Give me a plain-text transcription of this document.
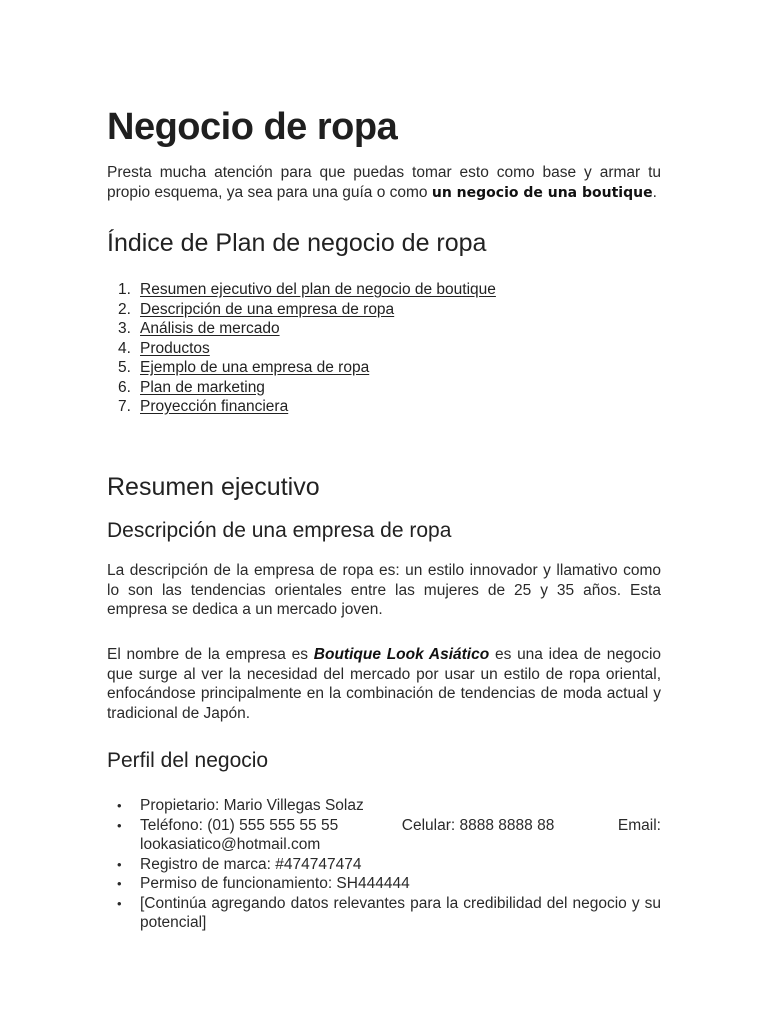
Negocio de ropa

Presta mucha atención para que puedas tomar esto como base y armar tu propio esquema, ya sea para una guía o como un negocio de una boutique.

Índice de Plan de negocio de ropa
1. Resumen ejecutivo del plan de negocio de boutique
2. Descripción de una empresa de ropa
3. Análisis de mercado
4. Productos
5. Ejemplo de una empresa de ropa
6. Plan de marketing
7. Proyección financiera
Resumen ejecutivo
Descripción de una empresa de ropa

La descripción de la empresa de ropa es: un estilo innovador y llamativo como lo son las tendencias orientales entre las mujeres de 25 y 35 años. Esta empresa se dedica a un mercado joven.

El nombre de la empresa es Boutique Look Asiático es una idea de negocio que surge al ver la necesidad del mercado por usar un estilo de ropa oriental, enfocándose principalmente en la combinación de tendencias de moda actual y tradicional de Japón.

Perfil del negocio
• Propietario: Mario Villegas Solaz
• Teléfono: (01) 555 555 55 55	Celular: 8888 8888 88	Email:
lookasiatico@hotmail.com
• Registro de marca: #474747474
• Permiso de funcionamiento: SH444444
• [Continúa agregando datos relevantes para la credibilidad del negocio y su potencial]
